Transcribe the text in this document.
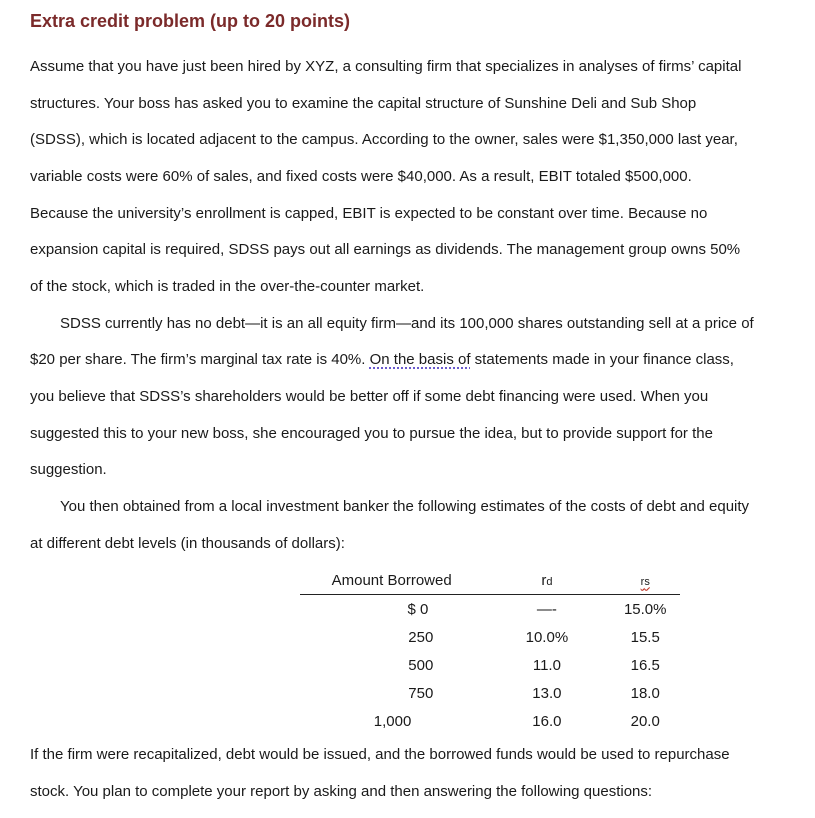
Extra credit problem (up to 20 points)

Assume that you have just been hired by XYZ, a consulting firm that specializes in analyses of firms’ capital

structures. Your boss has asked you to examine the capital structure of Sunshine Deli and Sub Shop

(SDSS), which is located adjacent to the campus. According to the owner, sales were $1,350,000 last year,

variable costs were 60% of sales, and fixed costs were $40,000. As a result, EBIT totaled $500,000.

Because the university’s enrollment is capped, EBIT is expected to be constant over time. Because no

expansion capital is required, SDSS pays out all earnings as dividends. The management group owns 50%

of the stock, which is traded in the over-the-counter market.

SDSS currently has no debt—it is an all equity firm—and its 100,000 shares outstanding sell at a price of

$20 per share. The firm’s marginal tax rate is 40%. On the basis of statements made in your finance class,

you believe that SDSS’s shareholders would be better off if some debt financing were used. When you

suggested this to your new boss, she encouraged you to pursue the idea, but to provide support for the

suggestion.

You then obtained from a local investment banker the following estimates of the costs of debt and equity

at different debt levels (in thousands of dollars):

Amount Borrowed	rd	rs
$ 0	—-	15.0%
250	10.0%	15.5
500	11.0	16.5
750	13.0	18.0
1,000	16.0	20.0

If the firm were recapitalized, debt would be issued, and the borrowed funds would be used to repurchase

stock. You plan to complete your report by asking and then answering the following questions:
